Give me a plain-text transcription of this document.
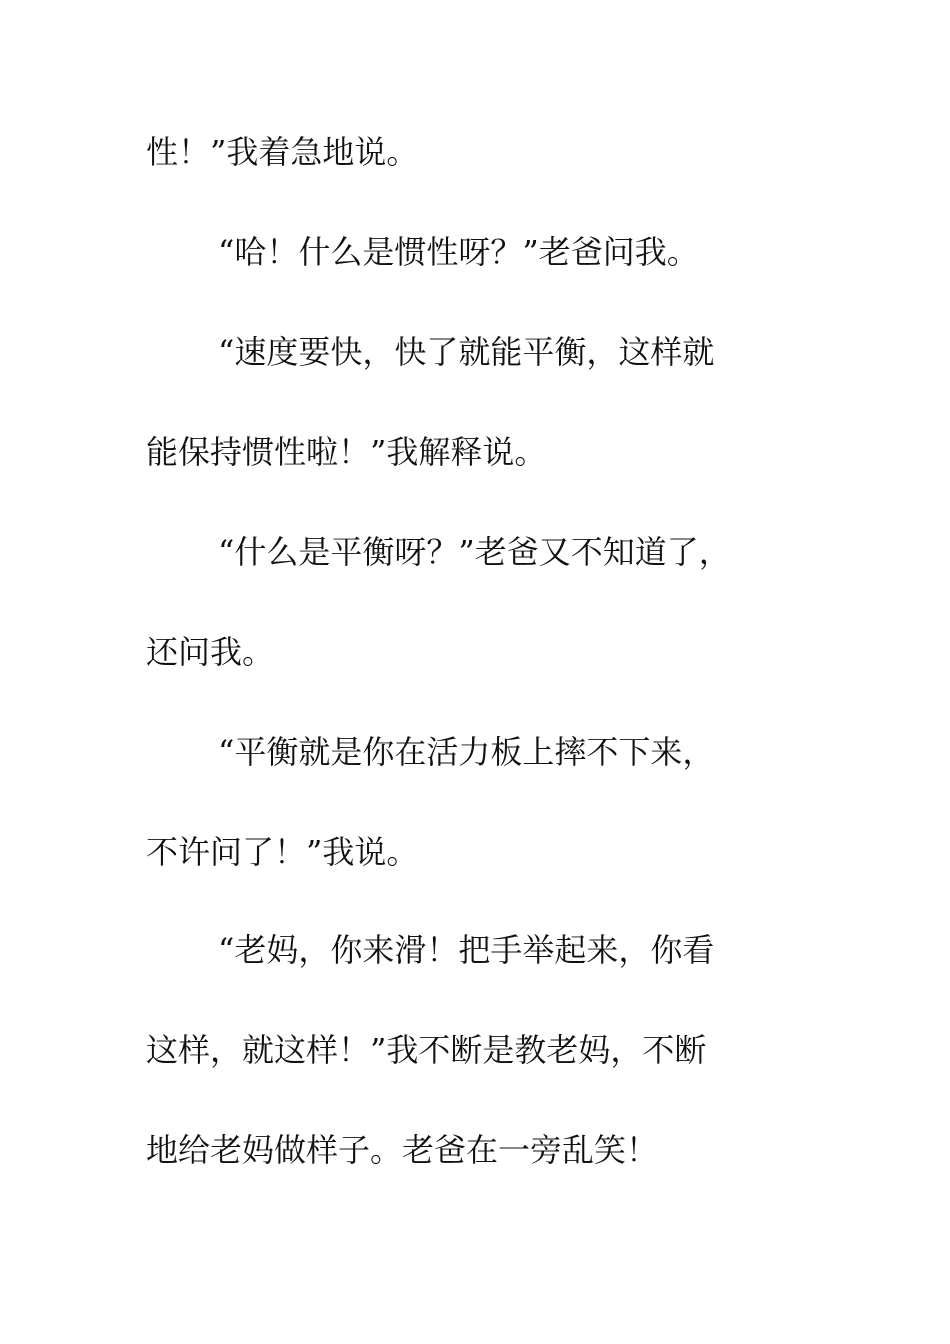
性！”我着急地说。
“哈！什么是惯性呀？”老爸问我。
“速度要快，快了就能平衡，这样就
能保持惯性啦！”我解释说。
“什么是平衡呀？”老爸又不知道了，
还问我。
“平衡就是你在活力板上摔不下来，
不许问了！”我说。
“老妈，你来滑！把手举起来，你看
这样，就这样！”我不断是教老妈，不断
地给老妈做样子。老爸在一旁乱笑！
